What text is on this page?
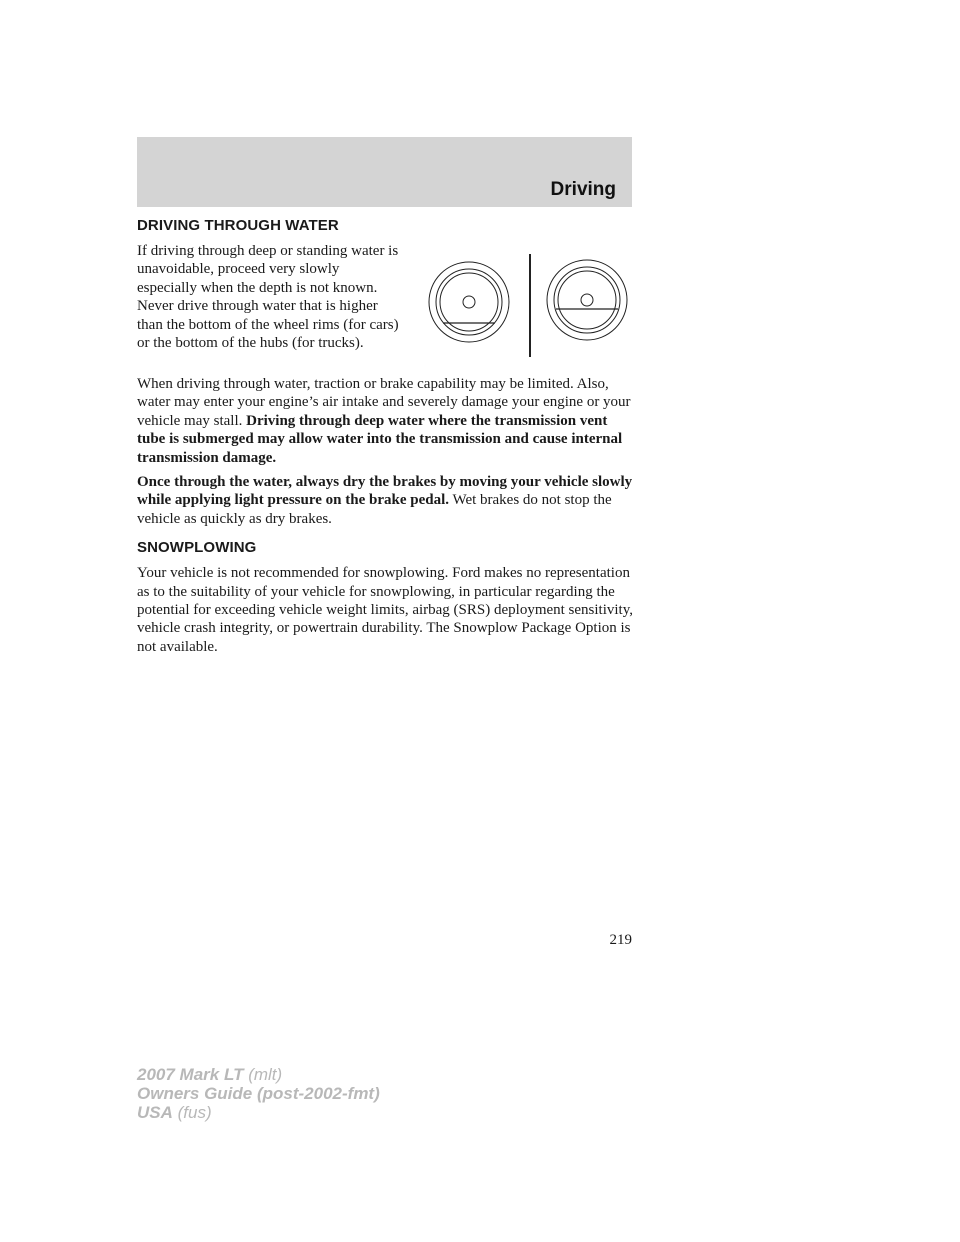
Driving
DRIVING THROUGH WATER

If driving through deep or standing water is unavoidable, proceed very slowly especially when the depth is not known. Never drive through water that is higher than the bottom of the wheel rims (for cars) or the bottom of the hubs (for trucks).

When driving through water, traction or brake capability may be limited. Also, water may enter your engine’s air intake and severely damage your engine or your vehicle may stall. Driving through deep water where the transmission vent tube is submerged may allow water into the transmission and cause internal transmission damage.

Once through the water, always dry the brakes by moving your vehicle slowly while applying light pressure on the brake pedal. Wet brakes do not stop the vehicle as quickly as dry brakes.

SNOWPLOWING

Your vehicle is not recommended for snowplowing. Ford makes no representation as to the suitability of your vehicle for snowplowing, in particular regarding the potential for exceeding vehicle weight limits, airbag (SRS) deployment sensitivity, vehicle crash integrity, or powertrain durability. The Snowplow Package Option is not available.

219
2007 Mark LT (mlt)
Owners Guide (post-2002-fmt)
USA (fus)
